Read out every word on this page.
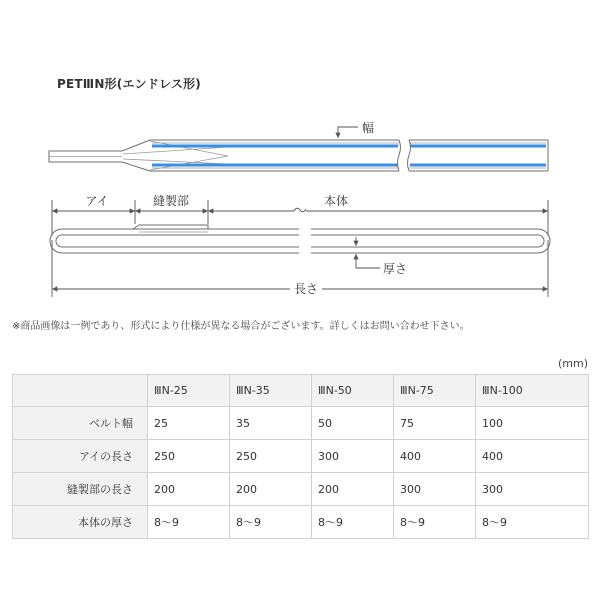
PETⅢN形(エンドレス形)
幅
アイ	縫製部	本体
厚さ
長さ
※商品画像は一例であり、形式により仕様が異なる場合がございます。詳しくはお問い合わせ下さい。
(mm)
	ⅢN-25	ⅢN-35	ⅢN-50	ⅢN-75	ⅢN-100
ベルト幅	25	35	50	75	100
アイの長さ	250	250	300	400	400
縫製部の長さ	200	200	200	300	300
本体の厚さ	8〜9	8〜9	8〜9	8〜9	8〜9
